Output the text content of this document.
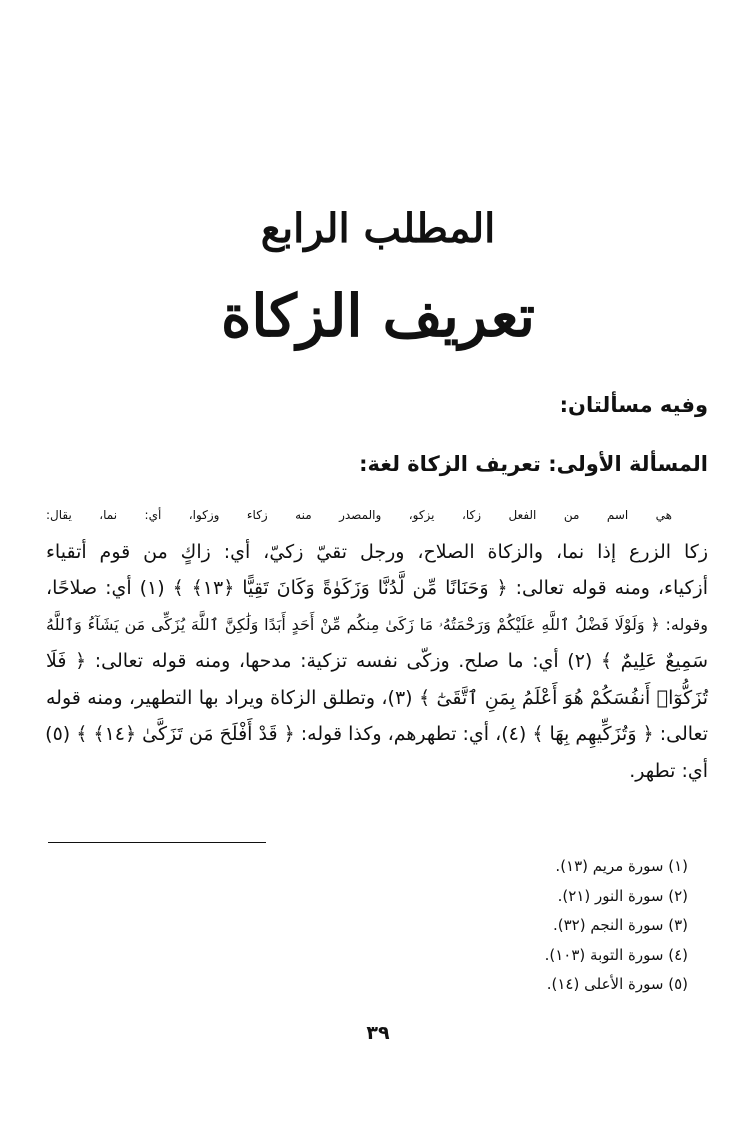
المطلب الرابع
تعريف الزكاة
وفيه مسألتان:
المسألة الأولى: تعريف الزكاة لغة:
هي اسم من الفعل زكا، يزكو، والمصدر منه زكاء وزكوا، أي: نما، يقال:
زكا الزرع إذا نما، والزكاة الصلاح، ورجل تقيّ زكيّ، أي: زاكٍ من قوم أتقياء
أزكياء، ومنه قوله تعالى: ﴿ وَحَنَانًا مِّن لَّدُنَّا وَزَكَوٰةً وَكَانَ تَقِيًّا ﴿١٣﴾ ﴾ (١) أي: صلاحًا،
وقوله: ﴿ وَلَوْلَا فَضْلُ ٱللَّهِ عَلَيْكُمْ وَرَحْمَتُهُۥ مَا زَكَىٰ مِنكُم مِّنْ أَحَدٍ أَبَدًا وَلَٰكِنَّ ٱللَّهَ يُزَكِّى مَن يَشَآءُ وَٱللَّهُ
سَمِيعٌ عَلِيمٌ ﴾ (٢) أي: ما صلح. وزكّى نفسه تزكية: مدحها، ومنه قوله تعالى: ﴿ فَلَا
تُزَكُّوٓا۟ أَنفُسَكُمْ هُوَ أَعْلَمُ بِمَنِ ٱتَّقَىٰٓ ﴾ (٣)، وتطلق الزكاة ويراد بها التطهير، ومنه قوله
تعالى: ﴿ وَتُزَكِّيهِم بِهَا ﴾ (٤)، أي: تطهرهم، وكذا قوله: ﴿ قَدْ أَفْلَحَ مَن تَزَكَّىٰ ﴿١٤﴾ ﴾ (٥)
أي: تطهر.
(١) سورة مريم (١٣).
(٢) سورة النور (٢١).
(٣) سورة النجم (٣٢).
(٤) سورة التوبة (١٠٣).
(٥) سورة الأعلى (١٤).
٣٩
